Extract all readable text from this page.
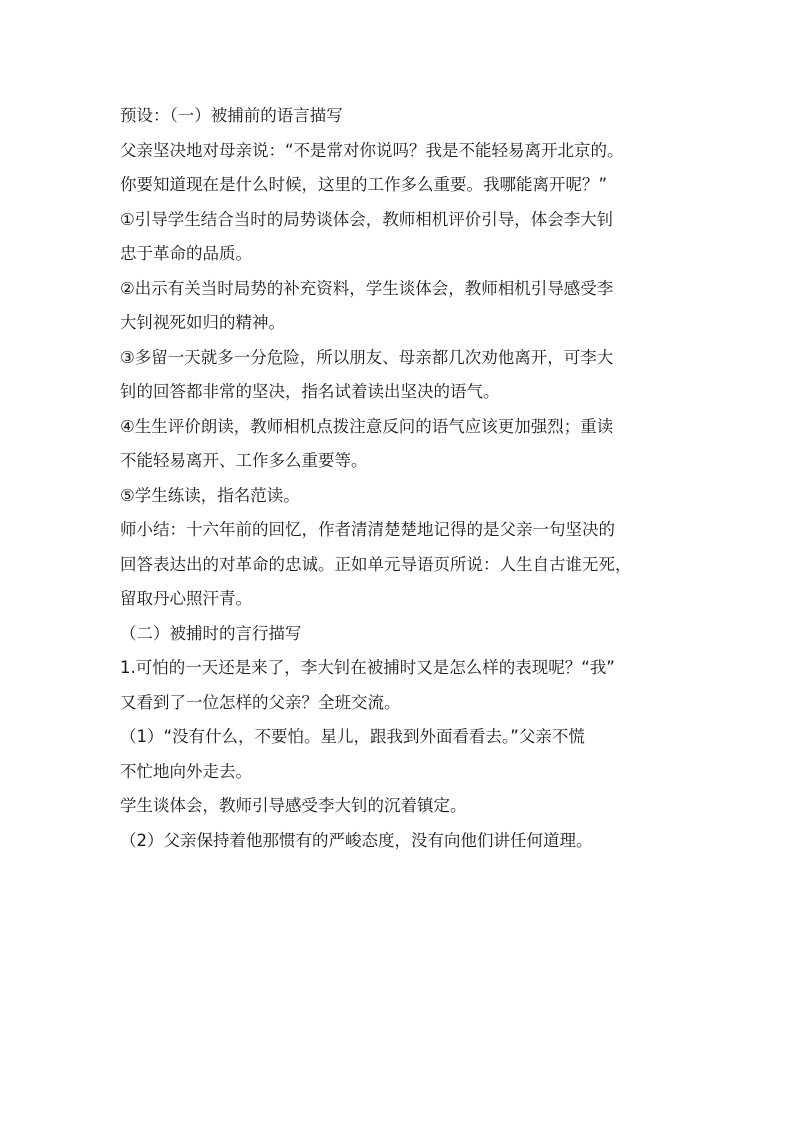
预设：（一）被捕前的语言描写
父亲坚决地对母亲说：“不是常对你说吗？我是不能轻易离开北京的。
你要知道现在是什么时候，这里的工作多么重要。我哪能离开呢？”
①引导学生结合当时的局势谈体会，教师相机评价引导，体会李大钊
忠于革命的品质。
②出示有关当时局势的补充资料，学生谈体会，教师相机引导感受李
大钊视死如归的精神。
③多留一天就多一分危险，所以朋友、母亲都几次劝他离开，可李大
钊的回答都非常的坚决，指名试着读出坚决的语气。
④生生评价朗读，教师相机点拨注意反问的语气应该更加强烈；重读
不能轻易离开、工作多么重要等。
⑤学生练读，指名范读。
师小结：十六年前的回忆，作者清清楚楚地记得的是父亲一句坚决的
回答表达出的对革命的忠诚。正如单元导语页所说：人生自古谁无死，
留取丹心照汗青。
（二）被捕时的言行描写
1.可怕的一天还是来了，李大钊在被捕时又是怎么样的表现呢？“我”
又看到了一位怎样的父亲？全班交流。
（1）“没有什么，不要怕。星儿，跟我到外面看看去。”父亲不慌
不忙地向外走去。
学生谈体会，教师引导感受李大钊的沉着镇定。
（2）父亲保持着他那惯有的严峻态度，没有向他们讲任何道理。
